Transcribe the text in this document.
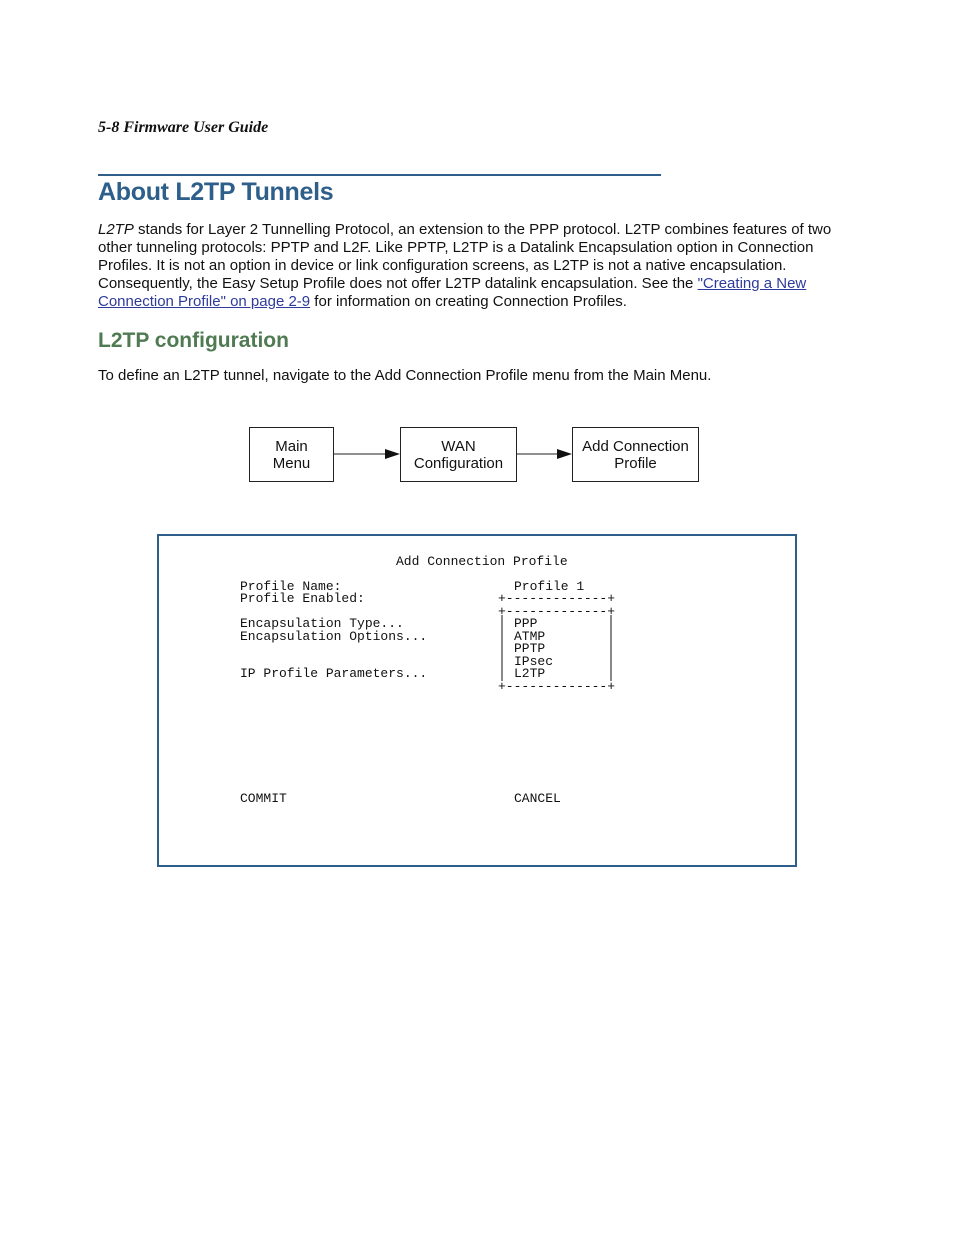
5-8 Firmware User Guide
About L2TP Tunnels

L2TP stands for Layer 2 Tunnelling Protocol, an extension to the PPP protocol. L2TP combines features of two other tunneling protocols: PPTP and L2F. Like PPTP, L2TP is a Datalink Encapsulation option in Connection Profiles. It is not an option in device or link configuration screens, as L2TP is not a native encapsulation. Consequently, the Easy Setup Profile does not offer L2TP datalink encapsulation. See the "Creating a New Connection Profile" on page 2-9 for information on creating Connection Profiles.

L2TP configuration

To define an L2TP tunnel, navigate to the Add Connection Profile menu from the Main Menu.

Main
Menu
WAN
Configuration
Add Connection
Profile
Add Connection Profile
Profile Name:
Profile Enabled:
Encapsulation Type...
Encapsulation Options...
IP Profile Parameters...
Profile 1
+-------------+
+-------------+
PPP
ATMP
PPTP
IPsec
L2TP
+-------------+
COMMIT	CANCEL
